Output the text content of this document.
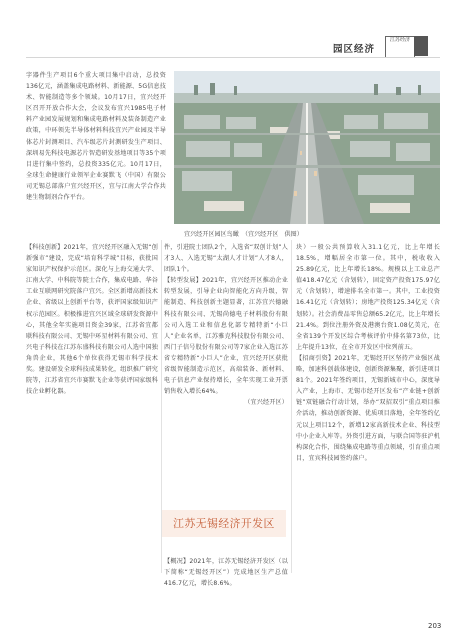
园区经济
江苏经济

字器件生产项目6个重大项目集中启动，总投资136亿元，涵盖集成电路材料、新能源、5G信息技术、智能制造等多个领域。10月17日，宜兴经开区召开开放合作大会，会议发布宜兴1985电子材料产业园发展规划和集成电路材料及装备制造产业政策，中环领先半导体材料科技宜兴产业园及半导体芯片封测项目、汽车级芯片封测研发生产项目、深圳易先科技电源芯片智造研发基地项目等35个项目进行集中签约，总投资335亿元。10月17日，全球生命健康行业领军企业赛默飞（中国）有限公司无锡总部落户宜兴经开区，宜与江南大学合作共建生物制剂合作平台。

宜兴经开区园区鸟瞰　（宜兴经开区　供图）

【科技创新】2021年，宜兴经开区融入无锡“创新强市”建设，完成“培育科学城”目标，获批国家知识产权保护示范区。深化与上海交通大学、江南大学、中科院等院士合作，集成电路、华谷工业互联网研究院落户宜兴。全区新增高新技术企业、省级以上创新平台等，获评国家级知识产权示范园区。积极推进宜兴区域全球研发资源中心，其他全年实施项目资金39家，江苏省宜都联科技有限公司、无锡中环星材料有限公司、宜兴电子科技在江苏东盛科技有限公司人选中国独角兽企业，其他6个单位获得无锡市科学技术奖。建设研发全球科技成果转化，组织推广研究院等，江苏省宜兴市赛默飞企业等获评国家级科技企业孵化器。

件，引进院士团队2个，入选省“双创计划”人才3人、入选无锡“太湖人才计划”人才8人，团队1个。

【转型发展】2021年，宜兴经开区推动企业转型发展，引导企业向智能化方向升级，智能制造、科技创新主题显著，江苏宜兴德融科技有限公司、无锡尚德电子材料股份有限公司入选工业和信息化部专精特新“小巨人”企业名单，江苏雅克科技股份有限公司、西门子信号股份有限公司等7家企业入选江苏省专精特新“小巨人”企业，宜兴经开区获批省级智能制造示范区，高端装备、新材料、电子信息产业保持增长，全年实现工业开票销售收入增长64%。

（宜兴经开区）

江苏无锡经济开发区

【概况】2021年，江苏无锡经济开发区（以下简称“无锡经开区”）完成地区生产总值416.7亿元，增长8.6%。

块）一般公共预算收入31.1亿元，比上年增长18.5%，增幅居全市第一位。其中，税收收入25.89亿元，比上年增长18%。规模以上工业总产值418.47亿元（含划转），固定资产投资175.97亿元（含划转），增速排名全市第一。其中，工业投资16.41亿元（含划转）；房地产投资125.34亿元（含划转）。社会消费品零售总额65.2亿元，比上年增长21.4%。到位注册外资及港澳台资1.08亿美元，在全省139个开发区综合考核评价中排名第73位，比上年提升13位，在全市开发区中位列前五。

【招商引资】2021年，无锡经开区坚持产业强区战略，加速科创载体建设，创新资源集聚，新引进项目81个。2021年签约项目，无锡新城市中心，深度导入产业，上海市、无锡市经开区发布“产业链+创新链”双链融合行动计划，举办“双招双引”重点项目推介活动，推动创新资源、优质项目落地，全年签约亿元以上项目12个，新增12家高新技术企业、科技型中小企业入库等。外资引进方面，与联合国等驻沪机构深化合作，围绕集成电路等重点领域，引育重点项目，宜宾科技园签约落户。

203
